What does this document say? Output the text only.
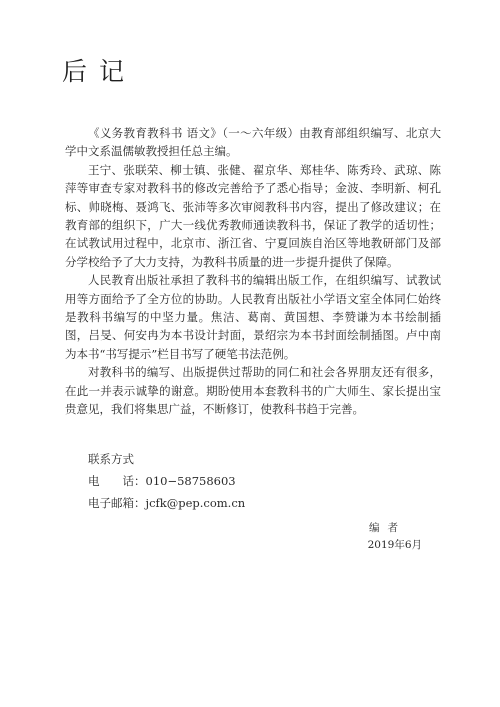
后记

《义务教育教科书 语文》（一～六年级）由教育部组织编写、北京大学中文系温儒敏教授担任总主编。

王宁、张联荣、柳士镇、张健、翟京华、郑桂华、陈秀玲、武琼、陈萍等审查专家对教科书的修改完善给予了悉心指导；金波、李明新、柯孔标、帅晓梅、聂鸿飞、张沛等多次审阅教科书内容，提出了修改建议；在教育部的组织下，广大一线优秀教师通读教科书，保证了教学的适切性；在试教试用过程中，北京市、浙江省、宁夏回族自治区等地教研部门及部分学校给予了大力支持，为教科书质量的进一步提升提供了保障。

人民教育出版社承担了教科书的编辑出版工作，在组织编写、试教试用等方面给予了全方位的协助。人民教育出版社小学语文室全体同仁始终是教科书编写的中坚力量。焦洁、葛南、黄国想、李赞谦为本书绘制插图，吕旻、何安冉为本书设计封面，景绍宗为本书封面绘制插图。卢中南为本书“书写提示”栏目书写了硬笔书法范例。

对教科书的编写、出版提供过帮助的同仁和社会各界朋友还有很多，在此一并表示诚挚的谢意。期盼使用本套教科书的广大师生、家长提出宝贵意见，我们将集思广益，不断修订，使教科书趋于完善。

联系方式
电　　话：010−58758603
电子邮箱：jcfk@pep.com.cn
编者
2019年6月
